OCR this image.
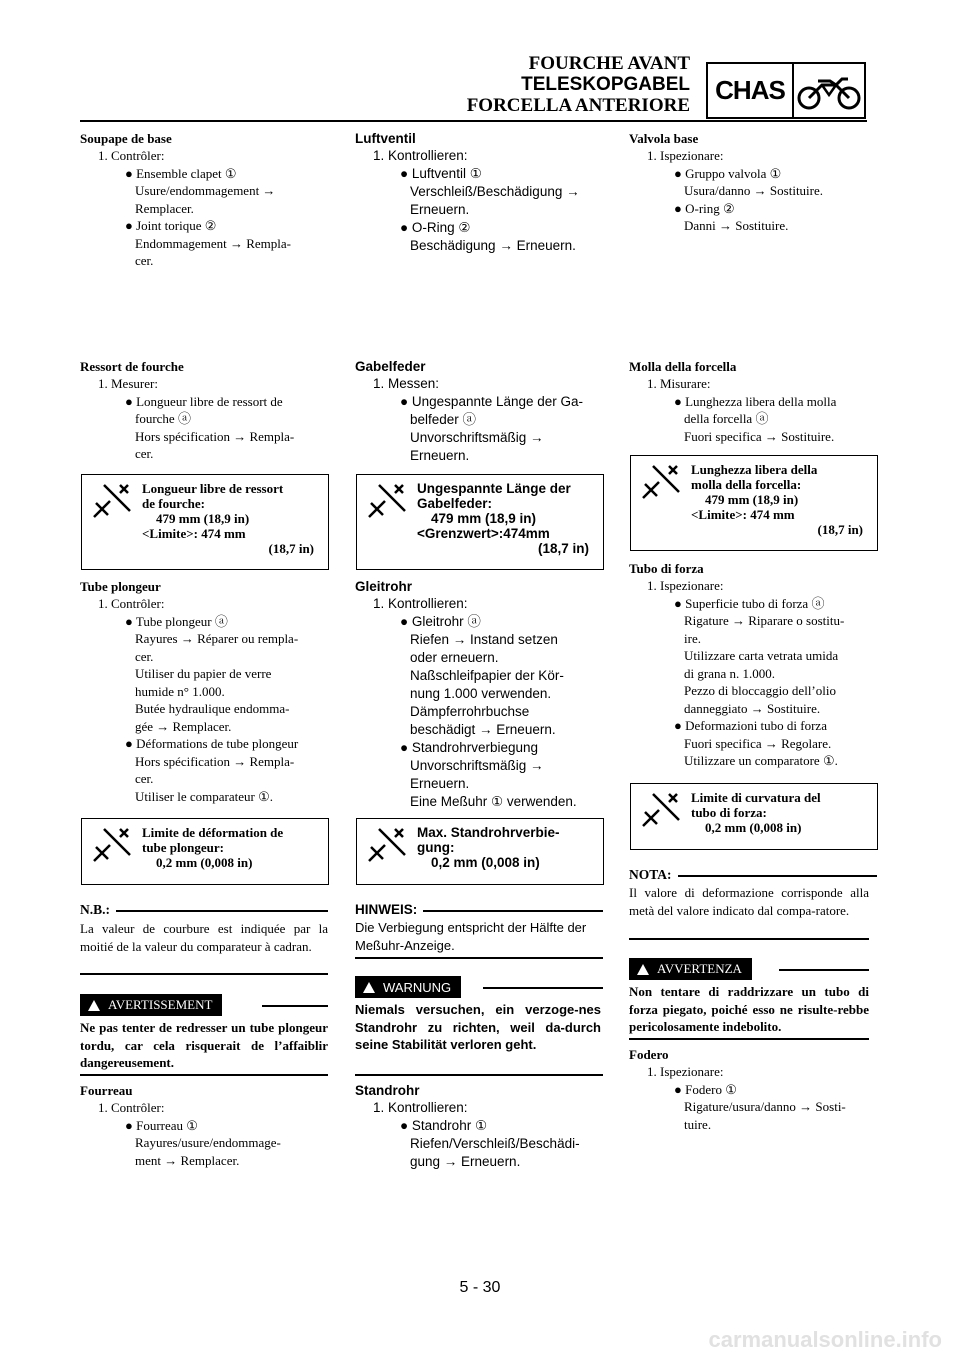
FOURCHE AVANT
TELESKOPGABEL
FORCELLA ANTERIORE
CHAS
Soupape de base
1. Contrôler:
● Ensemble clapet ①
Usure/endommagement →
Remplacer.
● Joint torique ②
Endommagement → Rempla-
cer.
Ressort de fourche
1. Mesurer:
● Longueur libre de ressort de
fourche ⓐ
Hors spécification → Rempla-
cer.
Longueur libre de ressort
de fourche:
479 mm (18,9 in)
<Limite>: 474 mm
(18,7 in)
Tube plongeur
1. Contrôler:
● Tube plongeur ⓐ
Rayures → Réparer ou rempla-
cer.
Utiliser du papier de verre
humide n° 1.000.
Butée hydraulique endomma-
gée → Remplacer.
● Déformations de tube plongeur
Hors spécification → Rempla-
cer.
Utiliser le comparateur ①.
Limite de déformation de
tube plongeur:
0,2 mm (0,008 in)
N.B.:
La valeur de courbure est indiquée par la moitié de la valeur du comparateur à cadran.
AVERTISSEMENT
Ne pas tenter de redresser un tube plongeur tordu, car cela risquerait de l’affaiblir dangereusement.
Fourreau
1. Contrôler:
● Fourreau ①
Rayures/usure/endommage-
ment → Remplacer.
Luftventil
1. Kontrollieren:
● Luftventil ①
Verschleiß/Beschädigung →
Erneuern.
● O-Ring ②
Beschädigung → Erneuern.
Gabelfeder
1. Messen:
● Ungespannte Länge der Ga-
belfeder ⓐ
Unvorschriftsmäßig →
Erneuern.
Ungespannte Länge der
Gabelfeder:
479 mm (18,9 in)
<Grenzwert>:474mm
(18,7 in)
Gleitrohr
1. Kontrollieren:
● Gleitrohr ⓐ
Riefen → Instand setzen
oder erneuern.
Naßschleifpapier der Kör-
nung 1.000 verwenden.
Dämpferrohrbuchse
beschädigt → Erneuern.
● Standrohrverbiegung
Unvorschriftsmäßig →
Erneuern.
Eine Meßuhr ① verwenden.
Max. Standrohrverbie-
gung:
0,2 mm (0,008 in)
HINWEIS:
Die Verbiegung entspricht der Hälfte der Meßuhr-Anzeige.
WARNUNG
Niemals versuchen, ein verzoge-nes Standrohr zu richten, weil da-durch seine Stabilität verloren geht.
Standrohr
1. Kontrollieren:
● Standrohr ①
Riefen/Verschleiß/Beschädi-
gung → Erneuern.
Valvola base
1. Ispezionare:
● Gruppo valvola ①
Usura/danno → Sostituire.
● O-ring ②
Danni → Sostituire.
Molla della forcella
1. Misurare:
● Lunghezza libera della molla
della forcella ⓐ
Fuori specifica → Sostituire.
Lunghezza libera della
molla della forcella:
479 mm (18,9 in)
<Limite>: 474 mm
(18,7 in)
Tubo di forza
1. Ispezionare:
● Superficie tubo di forza ⓐ
Rigature → Riparare o sostitu-
ire.
Utilizzare carta vetrata umida
di grana n. 1.000.
Pezzo di bloccaggio dell’olio
danneggiato → Sostituire.
● Deformazioni tubo di forza
Fuori specifica → Regolare.
Utilizzare un comparatore ①.
Limite di curvatura del
tubo di forza:
0,2 mm (0,008 in)
NOTA:
Il valore di deformazione corrisponde alla metà del valore indicato dal compa-ratore.
AVVERTENZA
Non tentare di raddrizzare un tubo di forza piegato, poiché esso ne risulte-rebbe pericolosamente indebolito.
Fodero
1. Ispezionare:
● Fodero ①
Rigature/usura/danno → Sosti-
tuire.
5 - 30
carmanualsonline.info
